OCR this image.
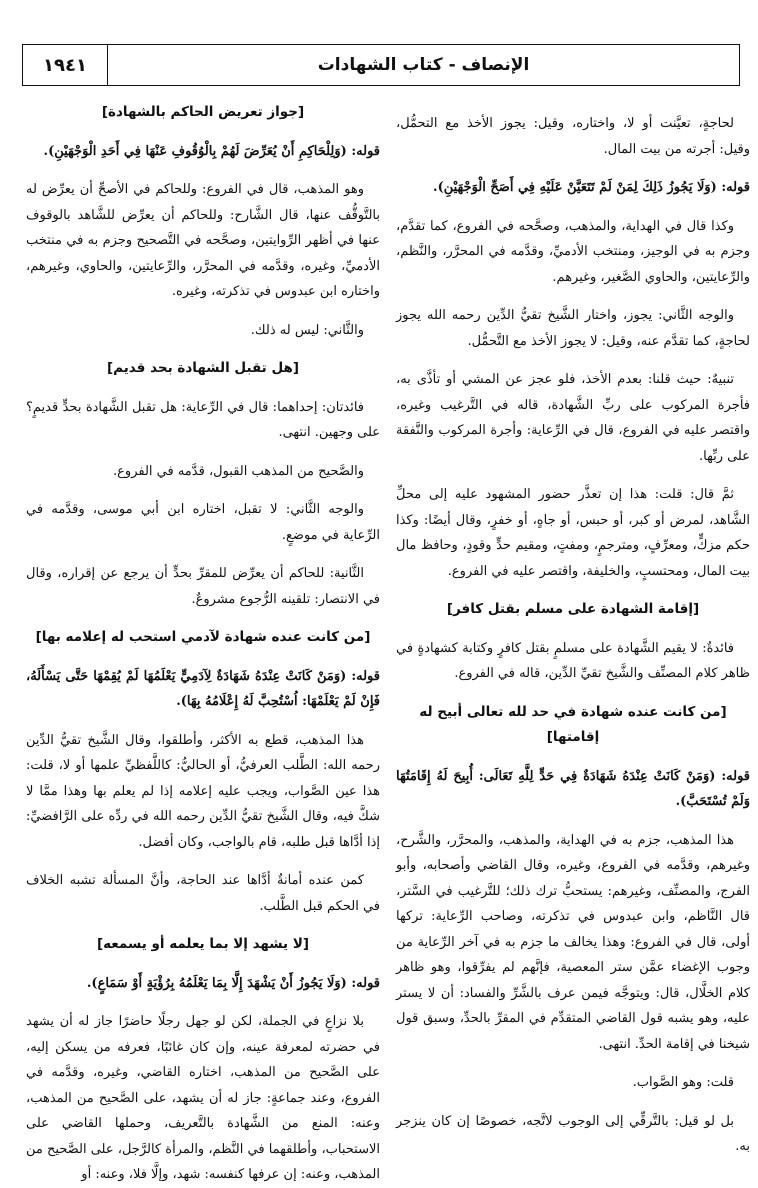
الإنصاف - كتاب الشهادات
١٩٤١

لحاجةٍ، تعيَّنت أو لا، واختاره، وقيل: يجوز الأخذ مع التحمُّل، وقيل: أجرته من بيت المال.

قوله: (وَلَا يَجُوزُ ذَلِكَ لِمَنْ لَمْ تَتَعَيَّنْ عَلَيْهِ فِي أَصَحِّ الْوَجْهَيْنِ).

وكذا قال في الهداية، والمذهب، وصحَّحه في الفروع، كما تقدَّم، وجزم به في الوجيز، ومنتخب الأدميِّ، وقدَّمه في المحرَّر، والنَّظم، والرِّعايتين، والحاوي الصَّغير، وغيرهم.

والوجه الثَّاني: يجوز، واختار الشَّيخ تقيُّ الدِّين رحمه الله يجوز لحاجةٍ، كما تقدَّم عنه، وقيل: لا يجوز الأخذ مع التَّحمُّل.

تنبيهٌ: حيث قلنا: بعدم الأخذ، فلو عجز عن المشي أو تأذَّى به، فأجرة المركوب على ربِّ الشَّهادة، قاله في التَّرغيب وغيره، واقتصر عليه في الفروع، قال في الرِّعاية: وأجرة المركوب والنَّفقة على ربِّها.

ثمَّ قال: قلت: هذا إن تعذَّر حضور المشهود عليه إلى محلِّ الشَّاهد، لمرض أو كبر، أو حبس، أو جاهٍ، أو خفرٍ، وقال أيضًا: وكذا حكم مزكٍّ، ومعرِّفٍ، ومترجمٍ، ومفتٍ، ومقيم حدٍّ وقودٍ، وحافظ مال بيت المال، ومحتسبٍ، والخليفة، واقتصر عليه في الفروع.

[إقامة الشهادة على مسلم بقتل كافر]

فائدةٌ: لا يقيم الشَّهادة على مسلمٍ بقتل كافرٍ وكتابة كشهادةٍ في ظاهر كلام المصنِّف والشَّيخ تقيِّ الدِّين، قاله في الفروع.

[من كانت عنده شهادة في حد لله تعالى أبيح له إقامتها]

قوله: (وَمَنْ كَانَتْ عِنْدَهُ شَهَادَةٌ فِي حَدٍّ لِلَّهِ تَعَالَى: أُبِيحَ لَهُ إِقَامَتُهَا وَلَمْ تُسْتَحَبَّ).

هذا المذهب، جزم به في الهداية، والمذهب، والمحرَّر، والشَّرح، وغيرهم، وقدَّمه في الفروع، وغيره، وقال القاضي وأصحابه، وأبو الفرج، والمصنِّف، وغيرهم: يستحبُّ ترك ذلك؛ للتَّرغيب في السَّتر، قال النَّاظم، وابن عبدوس في تذكرته، وصاحب الرِّعاية: تركها أولى، قال في الفروع: وهذا يخالف ما جزم به في آخر الرِّعاية من وجوب الإغضاء عمَّن ستر المعصية، فإنَّهم لم يفرِّقوا، وهو ظاهر كلام الخلَّال، قال: ويتوجَّه فيمن عرف بالشَّرِّ والفساد: أن لا يستر عليه، وهو يشبه قول القاضي المتقدِّم في المقرِّ بالحدِّ، وسبق قول شيخنا في إقامة الحدِّ. انتهى.

قلت: وهو الصَّواب.

بل لو قيل: بالتَّرقِّي إلى الوجوب لاتَّجه، خصوصًا إن كان ينزجر به.

[جواز تعريض الحاكم بالشهادة]

قوله: (وَلِلْحَاكِمِ أَنْ يُعَرِّضَ لَهُمْ بِالْوُقُوفِ عَنْهَا فِي أَحَدِ الْوَجْهَيْنِ).

وهو المذهب، قال في الفروع: وللحاكم في الأصحِّ أن يعرِّض له بالتَّوقُّف عنها، قال الشَّارح: وللحاكم أن يعرِّض للشَّاهد بالوقوف عنها في أظهر الرِّوايتين، وصحَّحه في التَّصحيح وجزم به في منتخب الأدميِّ، وغيره، وقدَّمه في المحرَّر، والرِّعايتين، والحاوي، وغيرهم، واختاره ابن عبدوس في تذكرته، وغيره.

والثَّاني: ليس له ذلك.

[هل تقبل الشهادة بحد قديم]

فائدتان: إحداهما: قال في الرِّعاية: هل تقبل الشَّهادة بحدٍّ قديمٍ؟ على وجهين. انتهى.

والصَّحيح من المذهب القبول، قدَّمه في الفروع.

والوجه الثَّاني: لا تقبل، اختاره ابن أبي موسى، وقدَّمه في الرِّعاية في موضعٍ.

الثَّانية: للحاكم أن يعرِّض للمقرِّ بحدٍّ أن يرجع عن إقراره، وقال في الانتصار: تلقينه الرُّجوع مشروعٌ.

[من كانت عنده شهادة لآدمي استحب له إعلامه بها]

قوله: (وَمَنْ كَانَتْ عِنْدَهُ شَهَادَةٌ لِآدَمِيٍّ يَعْلَمُهَا لَمْ يُقِمْهَا حَتَّى يَسْأَلَهُ، فَإِنْ لَمْ يَعْلَمْهَا: اُسْتُحِبَّ لَهُ إِعْلَامُهُ بِهَا).

هذا المذهب، قطع به الأكثر، وأطلقوا، وقال الشَّيخ تقيُّ الدِّين رحمه الله: الطَّلب العرفيُّ، أو الحاليُّ: كاللَّفظيِّ علمها أو لا، قلت: هذا عين الصَّواب، ويجب عليه إعلامه إذا لم يعلم بها وهذا ممَّا لا شكَّ فيه، وقال الشَّيخ تقيُّ الدِّين رحمه الله في ردِّه على الرَّافضيِّ: إذا أدَّاها قبل طلبه، قام بالواجب، وكان أفضل.

كمن عنده أمانةٌ أدَّاها عند الحاجة، وأنَّ المسألة تشبه الخلاف في الحكم قبل الطَّلب.

[لا يشهد إلا بما يعلمه أو يسمعه]

قوله: (وَلَا يَجُوزُ أَنْ يَشْهَدَ إِلَّا بِمَا يَعْلَمُهُ بِرُؤْيَةٍ أَوْ سَمَاعٍ).

بلا نزاعٍ في الجملة، لكن لو جهل رجلًا حاضرًا جاز له أن يشهد في حضرته لمعرفة عينه، وإن كان غائبًا، فعرفه من يسكن إليه، على الصَّحيح من المذهب، اختاره القاضي، وغيره، وقدَّمه في الفروع، وعند جماعةٍ: جاز له أن يشهد، على الصَّحيح من المذهب، وعنه: المنع من الشَّهادة بالتَّعريف، وحملها القاضي على الاستحباب، وأطلقهما في النَّظم، والمرأة كالرَّجل، على الصَّحيح من المذهب، وعنه: إن عرفها كنفسه: شهد، وإلَّا فلا، وعنه: أو
